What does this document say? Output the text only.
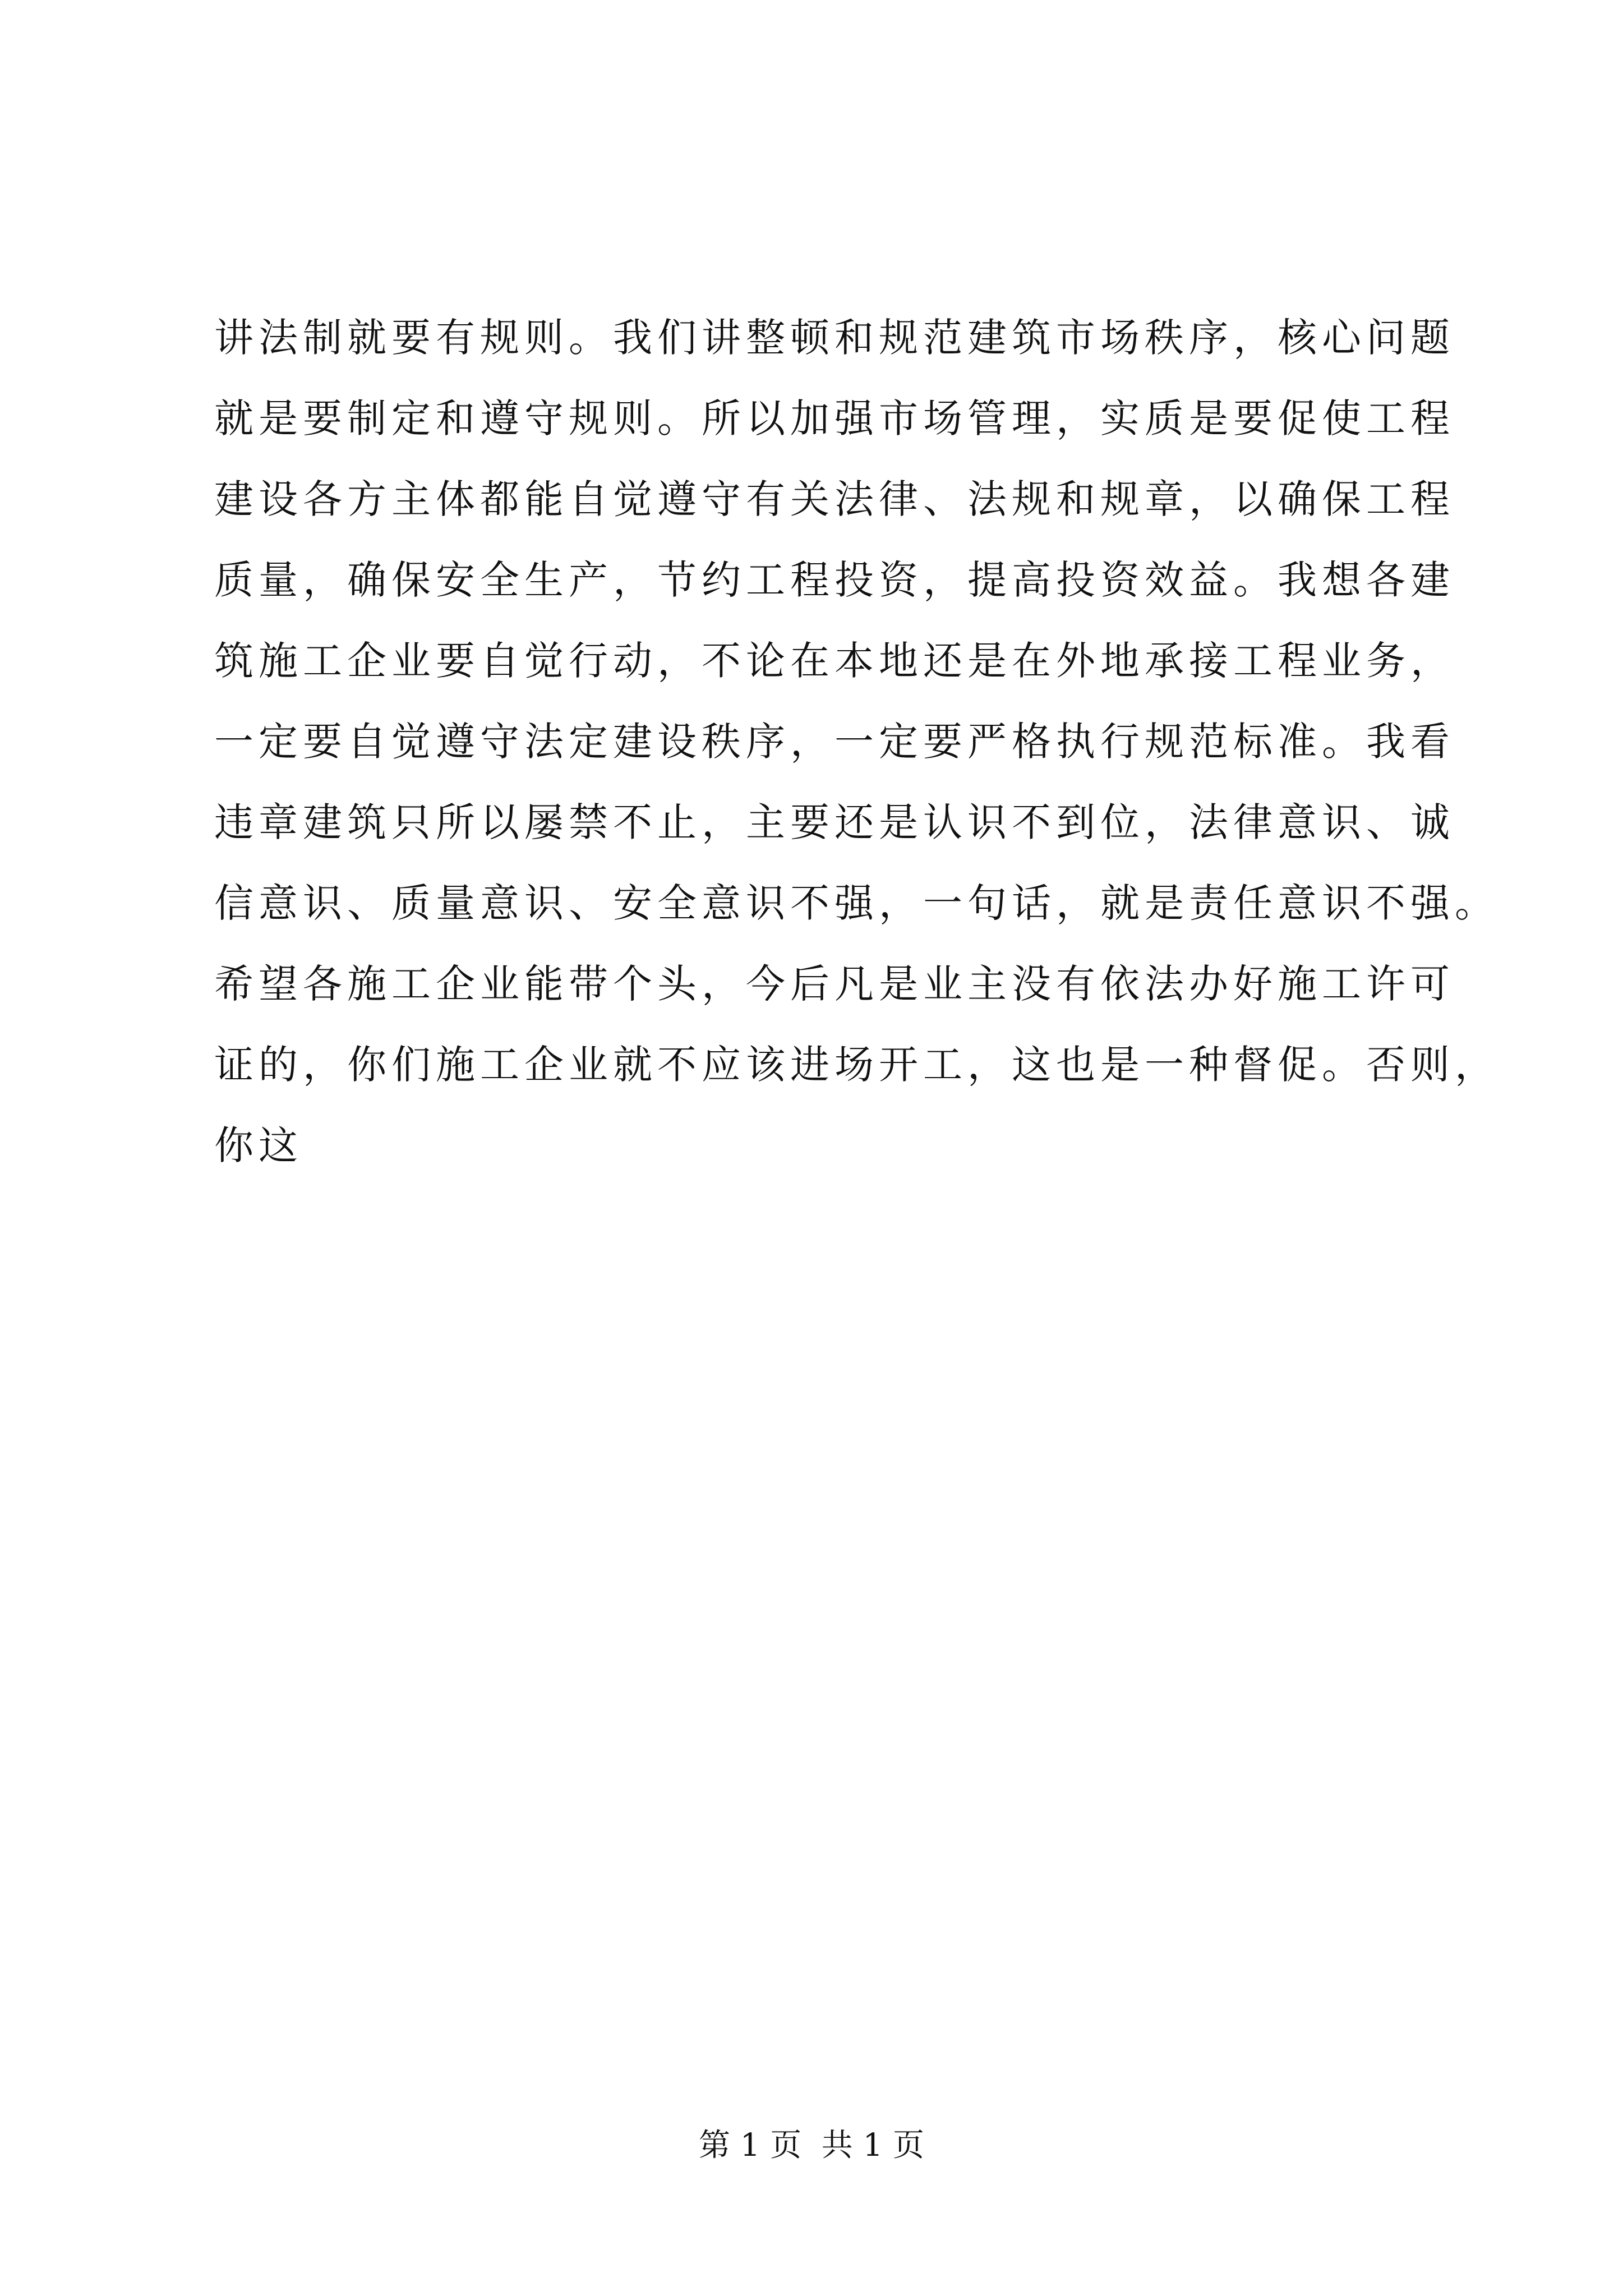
讲法制就要有规则。我们讲整顿和规范建筑市场秩序，核心问题
就是要制定和遵守规则。所以加强市场管理，实质是要促使工程
建设各方主体都能自觉遵守有关法律、法规和规章，以确保工程
质量，确保安全生产，节约工程投资，提高投资效益。我想各建
筑施工企业要自觉行动，不论在本地还是在外地承接工程业务，
一定要自觉遵守法定建设秩序，一定要严格执行规范标准。我看
违章建筑只所以屡禁不止，主要还是认识不到位，法律意识、诚
信意识、质量意识、安全意识不强，一句话，就是责任意识不强。
希望各施工企业能带个头，今后凡是业主没有依法办好施工许可
证的，你们施工企业就不应该进场开工，这也是一种督促。否则，
你这
第 1 页  共 1 页
